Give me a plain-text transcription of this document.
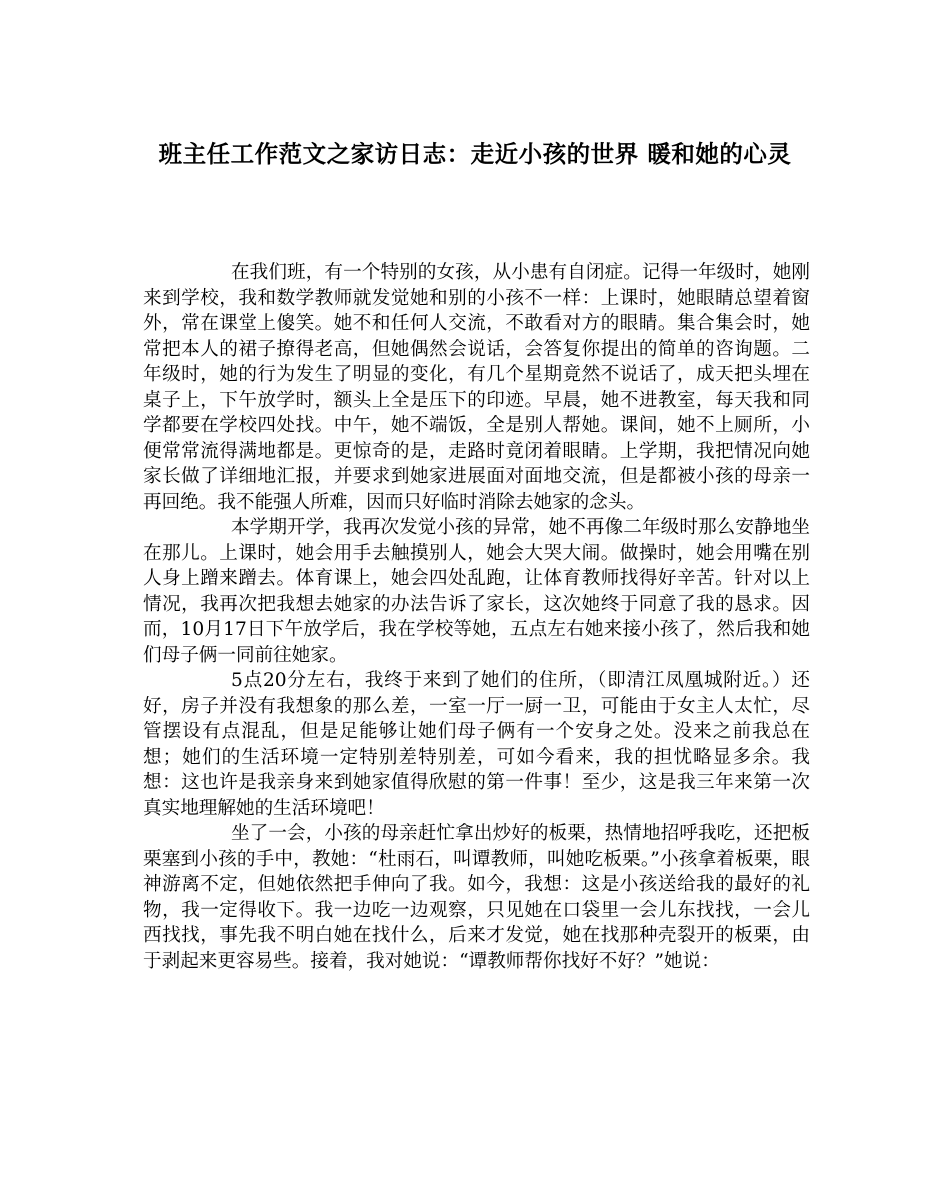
班主任工作范文之家访日志：走近小孩的世界 暖和她的心灵

在我们班，有一个特别的女孩，从小患有自闭症。记得一年级时，她刚来到学校，我和数学教师就发觉她和别的小孩不一样：上课时，她眼睛总望着窗外，常在课堂上傻笑。她不和任何人交流，不敢看对方的眼睛。集合集会时，她常把本人的裙子撩得老高，但她偶然会说话，会答复你提出的简单的咨询题。二年级时，她的行为发生了明显的变化，有几个星期竟然不说话了，成天把头埋在桌子上，下午放学时，额头上全是压下的印迹。早晨，她不进教室，每天我和同学都要在学校四处找。中午，她不端饭，全是别人帮她。课间，她不上厕所，小便常常流得满地都是。更惊奇的是，走路时竟闭着眼睛。上学期，我把情况向她家长做了详细地汇报，并要求到她家进展面对面地交流，但是都被小孩的母亲一再回绝。我不能强人所难，因而只好临时消除去她家的念头。

本学期开学，我再次发觉小孩的异常，她不再像二年级时那么安静地坐在那儿。上课时，她会用手去触摸别人，她会大哭大闹。做操时，她会用嘴在别人身上蹭来蹭去。体育课上，她会四处乱跑，让体育教师找得好辛苦。针对以上情况，我再次把我想去她家的办法告诉了家长，这次她终于同意了我的恳求。因而，10月17日下午放学后，我在学校等她，五点左右她来接小孩了，然后我和她们母子俩一同前往她家。

5点20分左右，我终于来到了她们的住所，（即清江凤凰城附近。）还好，房子并没有我想象的那么差，一室一厅一厨一卫，可能由于女主人太忙，尽管摆设有点混乱，但是足能够让她们母子俩有一个安身之处。没来之前我总在想；她们的生活环境一定特别差特别差，可如今看来，我的担忧略显多余。我想：这也许是我亲身来到她家值得欣慰的第一件事！至少，这是我三年来第一次真实地理解她的生活环境吧！

坐了一会，小孩的母亲赶忙拿出炒好的板栗，热情地招呼我吃，还把板栗塞到小孩的手中，教她：“杜雨石，叫谭教师，叫她吃板栗。”小孩拿着板栗，眼神游离不定，但她依然把手伸向了我。如今，我想：这是小孩送给我的最好的礼物，我一定得收下。我一边吃一边观察，只见她在口袋里一会儿东找找，一会儿西找找，事先我不明白她在找什么，后来才发觉，她在找那种壳裂开的板栗，由于剥起来更容易些。接着，我对她说：“谭教师帮你找好不好？”她说：
